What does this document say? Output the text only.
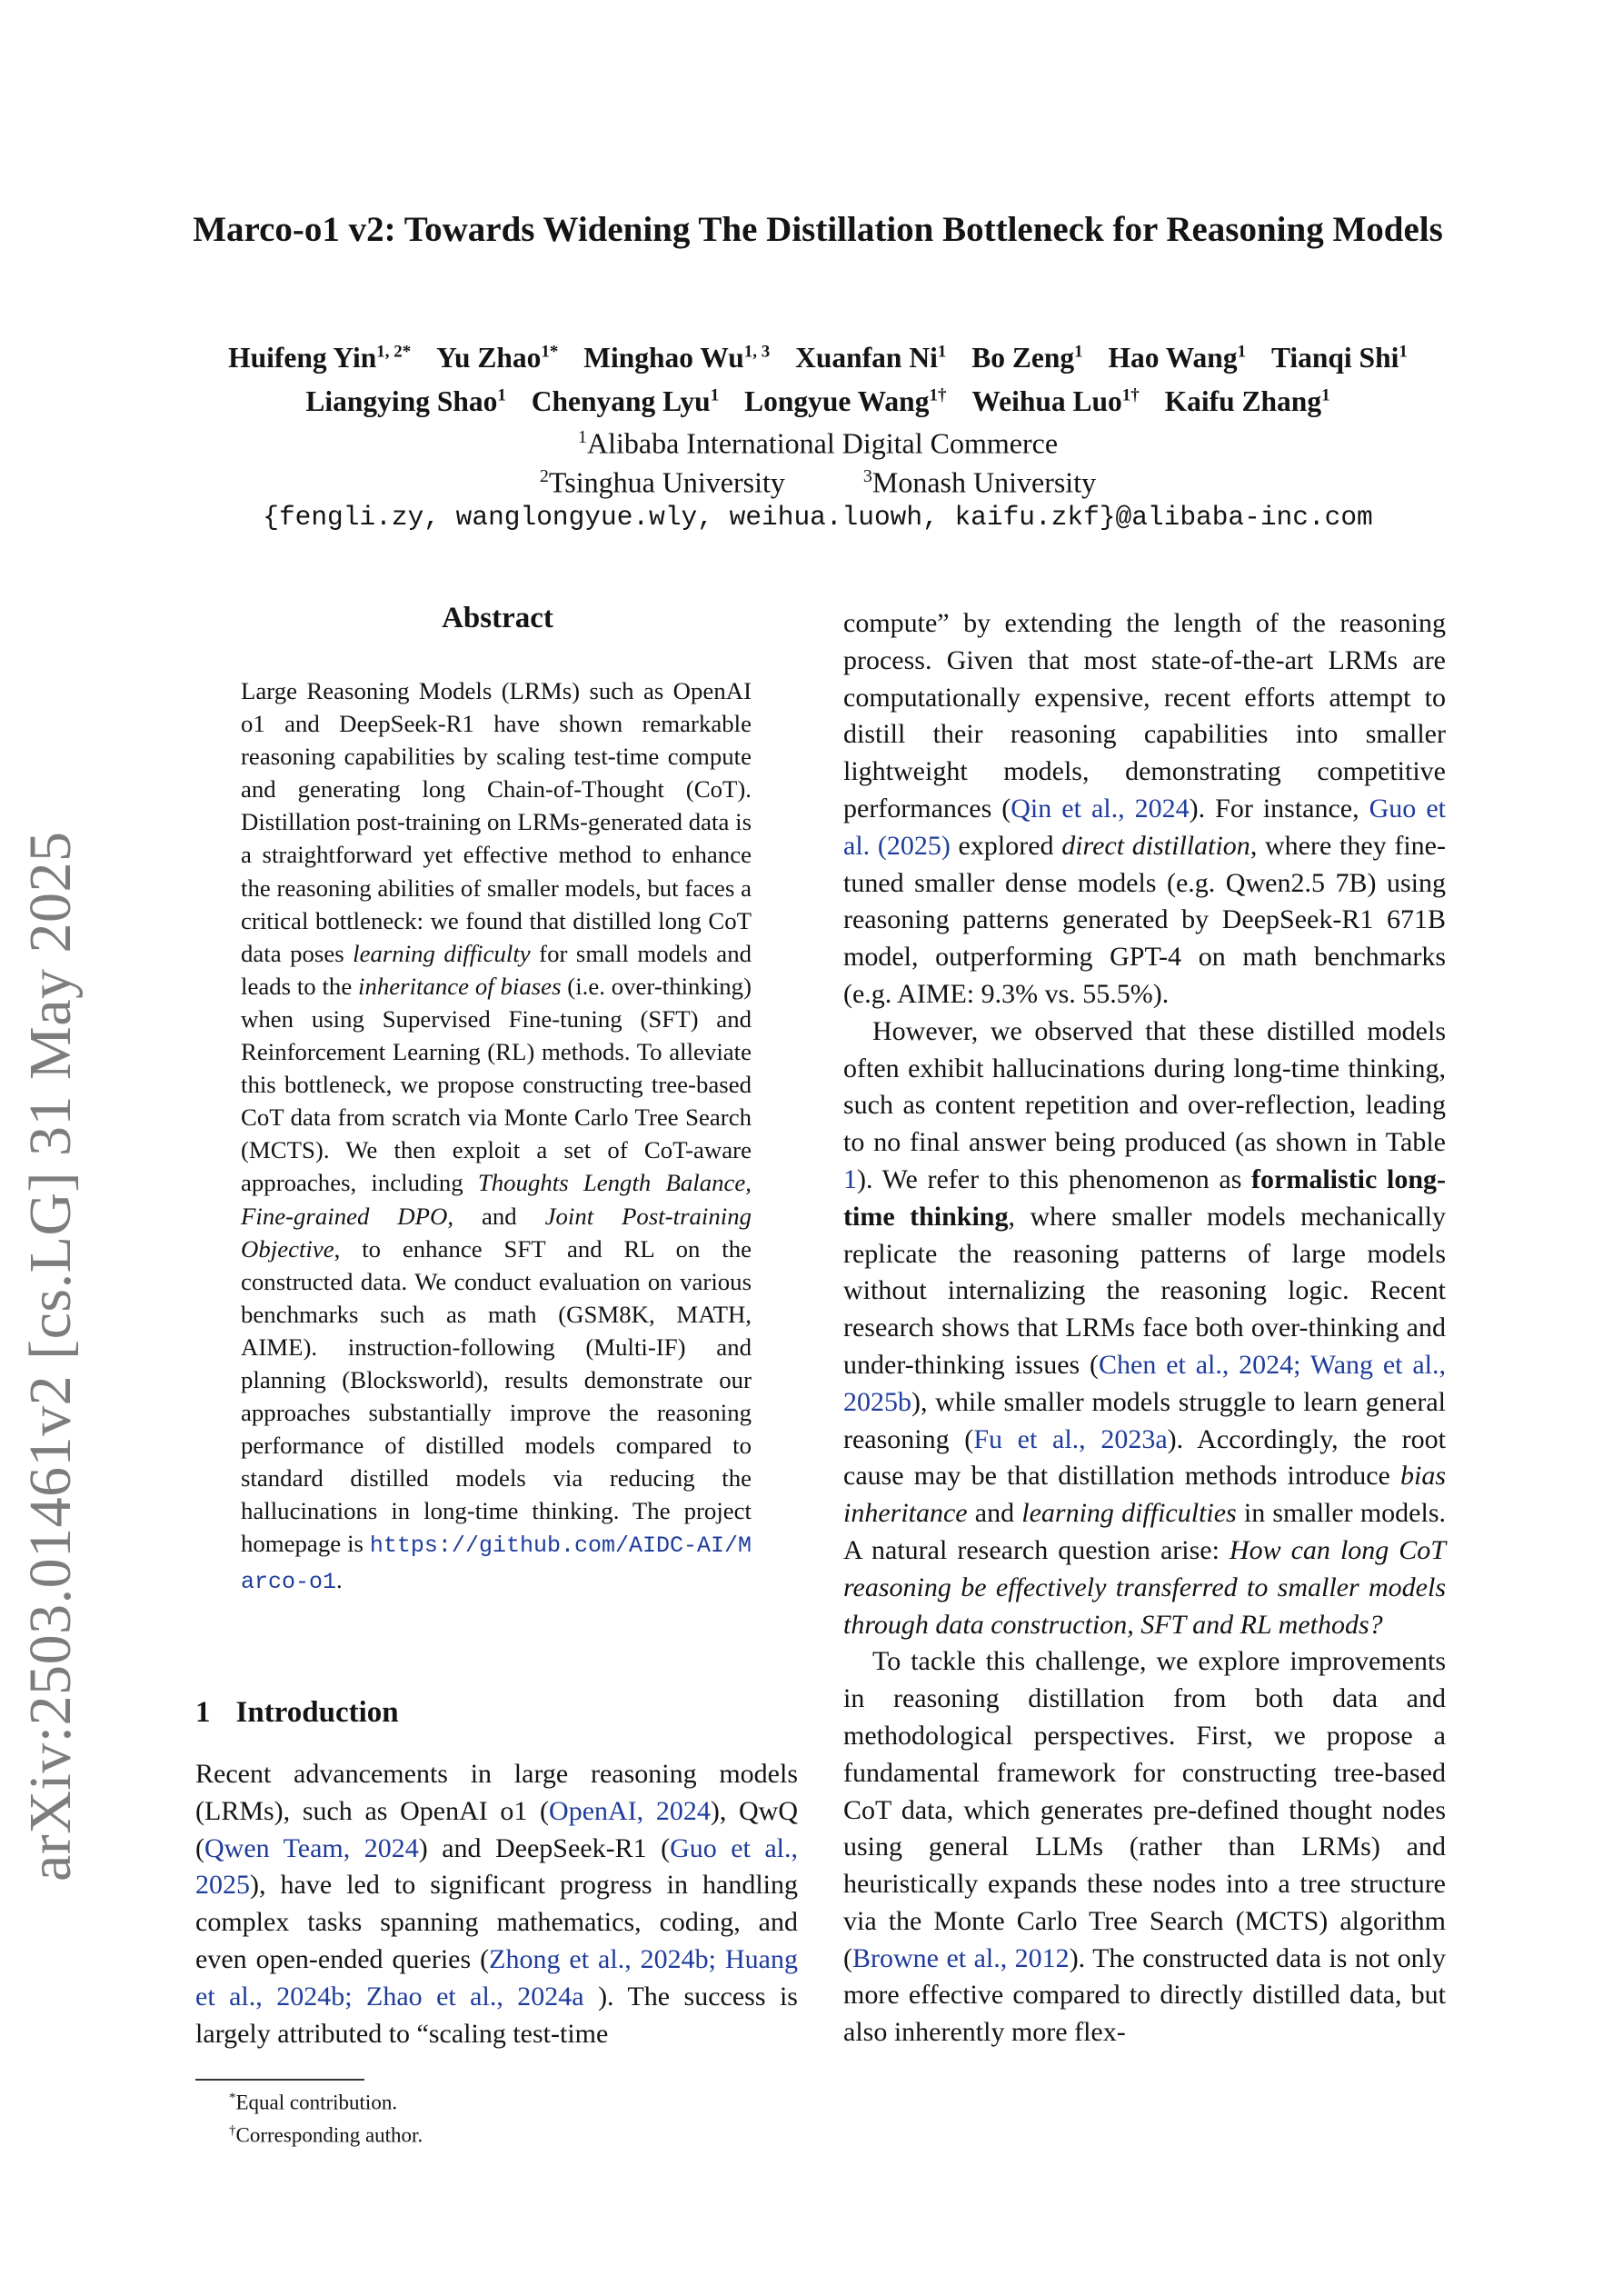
arXiv:2503.01461v2 [cs.LG] 31 May 2025
Marco-o1 v2: Towards Widening The Distillation Bottleneck for Reasoning Models
Huifeng Yin$^{1, 2*}$ Yu Zhao$^{1*}$ Minghao Wu$^{1, 3}$ Xuanfan Ni$^1$ Bo Zeng$^1$ Hao Wang$^1$ Tianqi Shi$^1$
Liangying Shao$^1$ Chenyang Lyu$^1$ Longyue Wang$^{1\dagger}$ Weihua Luo$^{1\dagger}$ Kaifu Zhang$^1$
$^1$Alibaba International Digital Commerce
$^2$Tsinghua University	$^3$Monash University
{fengli.zy, wanglongyue.wly, weihua.luowh, kaifu.zkf}@alibaba-inc.com
Abstract
Large Reasoning Models (LRMs) such as OpenAI o1 and DeepSeek-R1 have shown remarkable reasoning capabilities by scaling test-time compute and generating long Chain-of-Thought (CoT). Distillation post-training on LRMs-generated data is a straightforward yet effective method to enhance the reasoning abilities of smaller models, but faces a critical bottleneck: we found that distilled long CoT data poses learning difficulty for small models and leads to the inheritance of biases (i.e. over-thinking) when using Supervised Fine-tuning (SFT) and Reinforcement Learning (RL) methods. To alleviate this bottleneck, we propose constructing tree-based CoT data from scratch via Monte Carlo Tree Search (MCTS). We then exploit a set of CoT-aware approaches, including Thoughts Length Balance, Fine-grained DPO, and Joint Post-training Objective, to enhance SFT and RL on the constructed data. We conduct evaluation on various benchmarks such as math (GSM8K, MATH, AIME). instruction-following (Multi-IF) and planning (Blocksworld), results demonstrate our approaches substantially improve the reasoning performance of distilled models compared to standard distilled models via reducing the hallucinations in long-time thinking. The project homepage is https://github.com/AIDC-AI/Marco-o1.
1 Introduction

Recent advancements in large reasoning models (LRMs), such as OpenAI o1 (OpenAI, 2024), QwQ (Qwen Team, 2024) and DeepSeek-R1 (Guo et al., 2025), have led to significant progress in handling complex tasks spanning mathematics, coding, and even open-ended queries (Zhong et al., 2024b; Huang et al., 2024b; Zhao et al., 2024a ). The success is largely attributed to “scaling test-time

compute” by extending the length of the reasoning process. Given that most state-of-the-art LRMs are computationally expensive, recent efforts attempt to distill their reasoning capabilities into smaller lightweight models, demonstrating competitive performances (Qin et al., 2024). For instance, Guo et al. (2025) explored direct distillation, where they fine-tuned smaller dense models (e.g. Qwen2.5 7B) using reasoning patterns generated by DeepSeek-R1 671B model, outperforming GPT-4 on math benchmarks (e.g. AIME: 9.3% vs. 55.5%).

However, we observed that these distilled models often exhibit hallucinations during long-time thinking, such as content repetition and over-reflection, leading to no final answer being produced (as shown in Table 1). We refer to this phenomenon as formalistic long-time thinking, where smaller models mechanically replicate the reasoning patterns of large models without internalizing the reasoning logic. Recent research shows that LRMs face both over-thinking and under-thinking issues (Chen et al., 2024; Wang et al., 2025b), while smaller models struggle to learn general reasoning (Fu et al., 2023a). Accordingly, the root cause may be that distillation methods introduce bias inheritance and learning difficulties in smaller models. A natural research question arise: How can long CoT reasoning be effectively transferred to smaller models through data construction, SFT and RL methods?

To tackle this challenge, we explore improvements in reasoning distillation from both data and methodological perspectives. First, we propose a fundamental framework for constructing tree-based CoT data, which generates pre-defined thought nodes using general LLMs (rather than LRMs) and heuristically expands these nodes into a tree structure via the Monte Carlo Tree Search (MCTS) algorithm (Browne et al., 2012). The constructed data is not only more effective compared to directly distilled data, but also inherently more flex-

*Equal contribution.
†Corresponding author.
